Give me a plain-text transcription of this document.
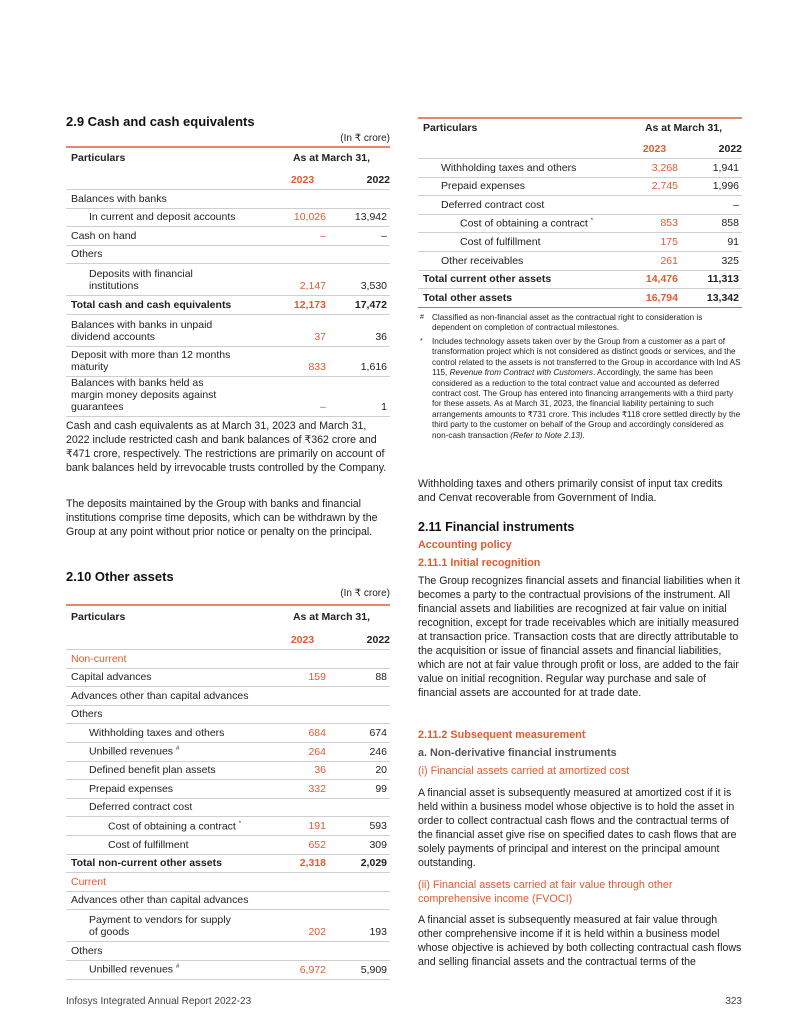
2.9 Cash and cash equivalents
(In ₹ crore)
Particulars	As at March 31,	
	2023	2022
Balances with banks		
In current and deposit accounts	10,026	13,942
Cash on hand	–	–
Others		
Deposits with financial institutions	2,147	3,530
Total cash and cash equivalents	12,173	17,472
Balances with banks in unpaid dividend accounts	37	36
Deposit with more than 12 months maturity	833	1,616
Balances with banks held as margin money deposits against guarantees	–	1
Cash and cash equivalents as at March 31, 2023 and March 31, 2022 include restricted cash and bank balances of ₹362 crore and ₹471 crore, respectively. The restrictions are primarily on account of bank balances held by irrevocable trusts controlled by the Company.
The deposits maintained by the Group with banks and financial institutions comprise time deposits, which can be withdrawn by the Group at any point without prior notice or penalty on the principal.
2.10 Other assets
(In ₹ crore)
Particulars	As at March 31,	
	2023	2022
Non-current		
Capital advances	159	88
Advances other than capital advances		
Others		
Withholding taxes and others	684	674
Unbilled revenues #	264	246
Defined benefit plan assets	36	20
Prepaid expenses	332	99
Deferred contract cost		
Cost of obtaining a contract *	191	593
Cost of fulfillment	652	309
Total non-current other assets	2,318	2,029
Current		
Advances other than capital advances		
Payment to vendors for supply of goods	202	193
Others		
Unbilled revenues #	6,972	5,909
Particulars	As at March 31,	
	2023	2022
Withholding taxes and others	3,268	1,941
Prepaid expenses	2,745	1,996
Deferred contract cost		–
Cost of obtaining a contract *	853	858
Cost of fulfillment	175	91
Other receivables	261	325
Total current other assets	14,476	11,313
Total other assets	16,794	13,342
# Classified as non-financial asset as the contractual right to consideration is dependent on completion of contractual milestones.
* Includes technology assets taken over by the Group from a customer as a part of transformation project which is not considered as distinct goods or services, and the control related to the assets is not transferred to the Group in accordance with Ind AS 115, Revenue from Contract with Customers. Accordingly, the same has been considered as a reduction to the total contract value and accounted as deferred contract cost. The Group has entered into financing arrangements with a third party for these assets. As at March 31, 2023, the financial liability pertaining to such arrangements amounts to ₹731 crore. This includes ₹118 crore settled directly by the third party to the customer on behalf of the Group and accordingly considered as non-cash transaction (Refer to Note 2.13).
Withholding taxes and others primarily consist of input tax credits and Cenvat recoverable from Government of India.
2.11 Financial instruments
Accounting policy
2.11.1 Initial recognition
The Group recognizes financial assets and financial liabilities when it becomes a party to the contractual provisions of the instrument. All financial assets and liabilities are recognized at fair value on initial recognition, except for trade receivables which are initially measured at transaction price. Transaction costs that are directly attributable to the acquisition or issue of financial assets and financial liabilities, which are not at fair value through profit or loss, are added to the fair value on initial recognition. Regular way purchase and sale of financial assets are accounted for at trade date.
2.11.2 Subsequent measurement
a. Non-derivative financial instruments
(i) Financial assets carried at amortized cost
A financial asset is subsequently measured at amortized cost if it is held within a business model whose objective is to hold the asset in order to collect contractual cash flows and the contractual terms of the financial asset give rise on specified dates to cash flows that are solely payments of principal and interest on the principal amount outstanding.
(ii) Financial assets carried at fair value through other comprehensive income (FVOCI)
A financial asset is subsequently measured at fair value through other comprehensive income if it is held within a business model whose objective is achieved by both collecting contractual cash flows and selling financial assets and the contractual terms of the
Infosys Integrated Annual Report 2022-23	323
